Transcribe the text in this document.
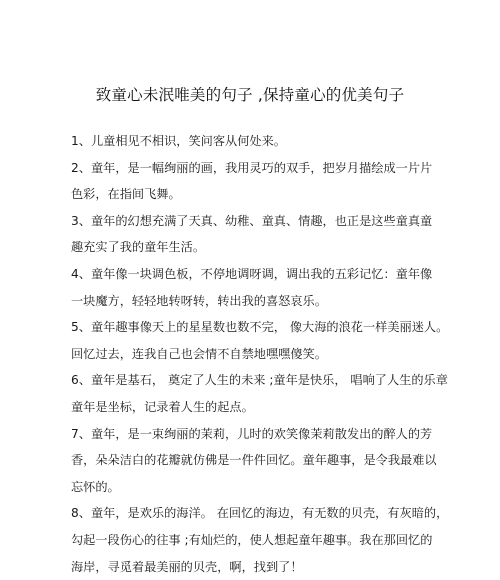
致童心未泯唯美的句子 ,保持童心的优美句子
1、儿童相见不相识，笑问客从何处来。
2、童年，是一幅绚丽的画，我用灵巧的双手，把岁月描绘成一片片
色彩，在指间飞舞。
3、童年的幻想充满了天真、幼稚、童真、情趣，也正是这些童真童
趣充实了我的童年生活。
4、童年像一块调色板，不停地调呀调，调出我的五彩记忆：童年像
一块魔方，轻轻地转呀转，转出我的喜怒哀乐。
5、童年趣事像天上的星星数也数不完， 像大海的浪花一样美丽迷人。
回忆过去，连我自己也会情不自禁地嘿嘿傻笑。
6、童年是基石， 奠定了人生的未来 ;童年是快乐， 唱响了人生的乐章
童年是坐标，记录着人生的起点。
7、童年，是一束绚丽的茉莉，儿时的欢笑像茉莉散发出的醉人的芳
香，朵朵洁白的花瓣就仿佛是一件件回忆。童年趣事，是令我最难以
忘怀的。
8、童年，是欢乐的海洋。 在回忆的海边，有无数的贝壳，有灰暗的，
勾起一段伤心的往事 ;有灿烂的，使人想起童年趣事。我在那回忆的
海岸，寻觅着最美丽的贝壳，啊，找到了！
